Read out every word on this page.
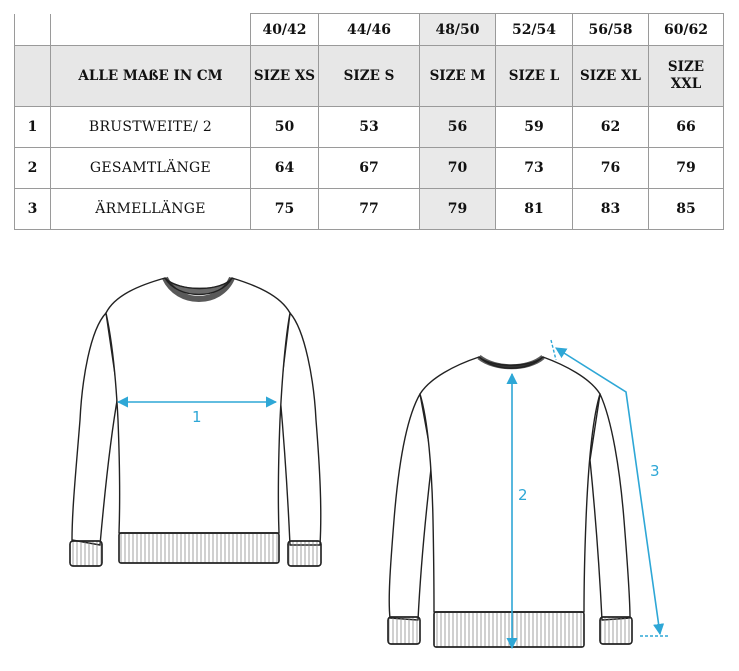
		40/42	44/46	48/50	52/54	56/58	60/62
	ALLE MAßE IN CM	SIZE XS	SIZE S	SIZE M	SIZE L	SIZE XL	SIZE XXL
1	BRUSTWEITE/ 2	50	53	56	59	62	66
2	GESAMTLÄNGE	64	67	70	73	76	79
3	ÄRMELLÄNGE	75	77	79	81	83	85
1
2
3
